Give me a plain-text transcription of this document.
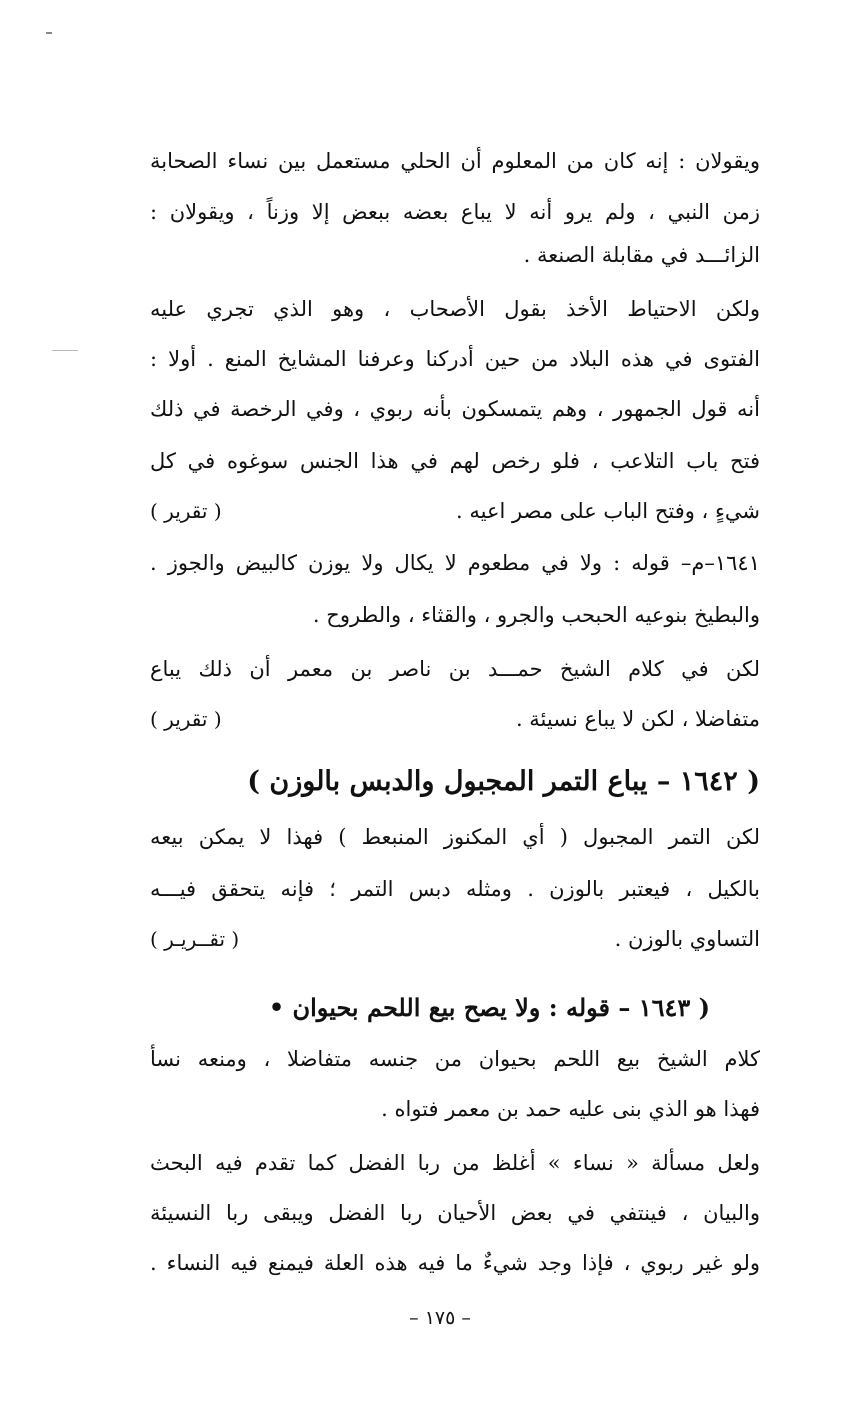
ويقولان : إنه كان من المعلوم أن الحلي مستعمل بين نساء الصحابة
زمن النبي ، ولم يرو أنه لا يباع بعضه ببعض إلا وزناً ، ويقولان :
الزائـــد في مقابلة الصنعة .
ولكن الاحتياط الأخذ بقول الأصحاب ، وهو الذي تجري عليه
الفتوى في هذه البلاد من حين أدركنا وعرفنا المشايخ المنع . أولا :
أنه قول الجمهور ، وهم يتمسكون بأنه ربوي ، وفي الرخصة في ذلك
فتح باب التلاعب ، فلو رخص لهم في هذا الجنس سوغوه في كل
شيءٍ ، وفتح الباب على مصر اعيه .
( تقرير )
١٦٤١–م– قوله : ولا في مطعوم لا يكال ولا يوزن كالبيض والجوز .
والبطيخ بنوعيه الحبحب والجرو ، والقثاء ، والطروح .
لكن في كلام الشيخ حمـــد بن ناصر بن معمر أن ذلك يباع
متفاضلا ، لكن لا يباع نسيئة .
( تقرير )
( ١٦٤٢ – يباع التمر المجبول والدبس بالوزن )
لكن التمر المجبول ( أي المكنوز المنبعط ) فهذا لا يمكن بيعه
بالكيل ، فيعتبر بالوزن . ومثله دبس التمر ؛ فإنه يتحقق فيـــه
التساوي بالوزن .
( تقــريـر )
( ١٦٤٣ – قوله : ولا يصح بيع اللحم بحيوان •
كلام الشيخ بيع اللحم بحيوان من جنسه متفاضلا ، ومنعه نسأ
فهذا هو الذي بنى عليه حمد بن معمر فتواه .
ولعل مسألة « نساء » أغلظ من ربا الفضل كما تقدم فيه البحث
والبيان ، فينتفي في بعض الأحيان ربا الفضل ويبقى ربا النسيئة
ولو غير ربوي ، فإذا وجد شيءٌ ما فيه هذه العلة فيمنع فيه النساء .
– ١٧٥ –
